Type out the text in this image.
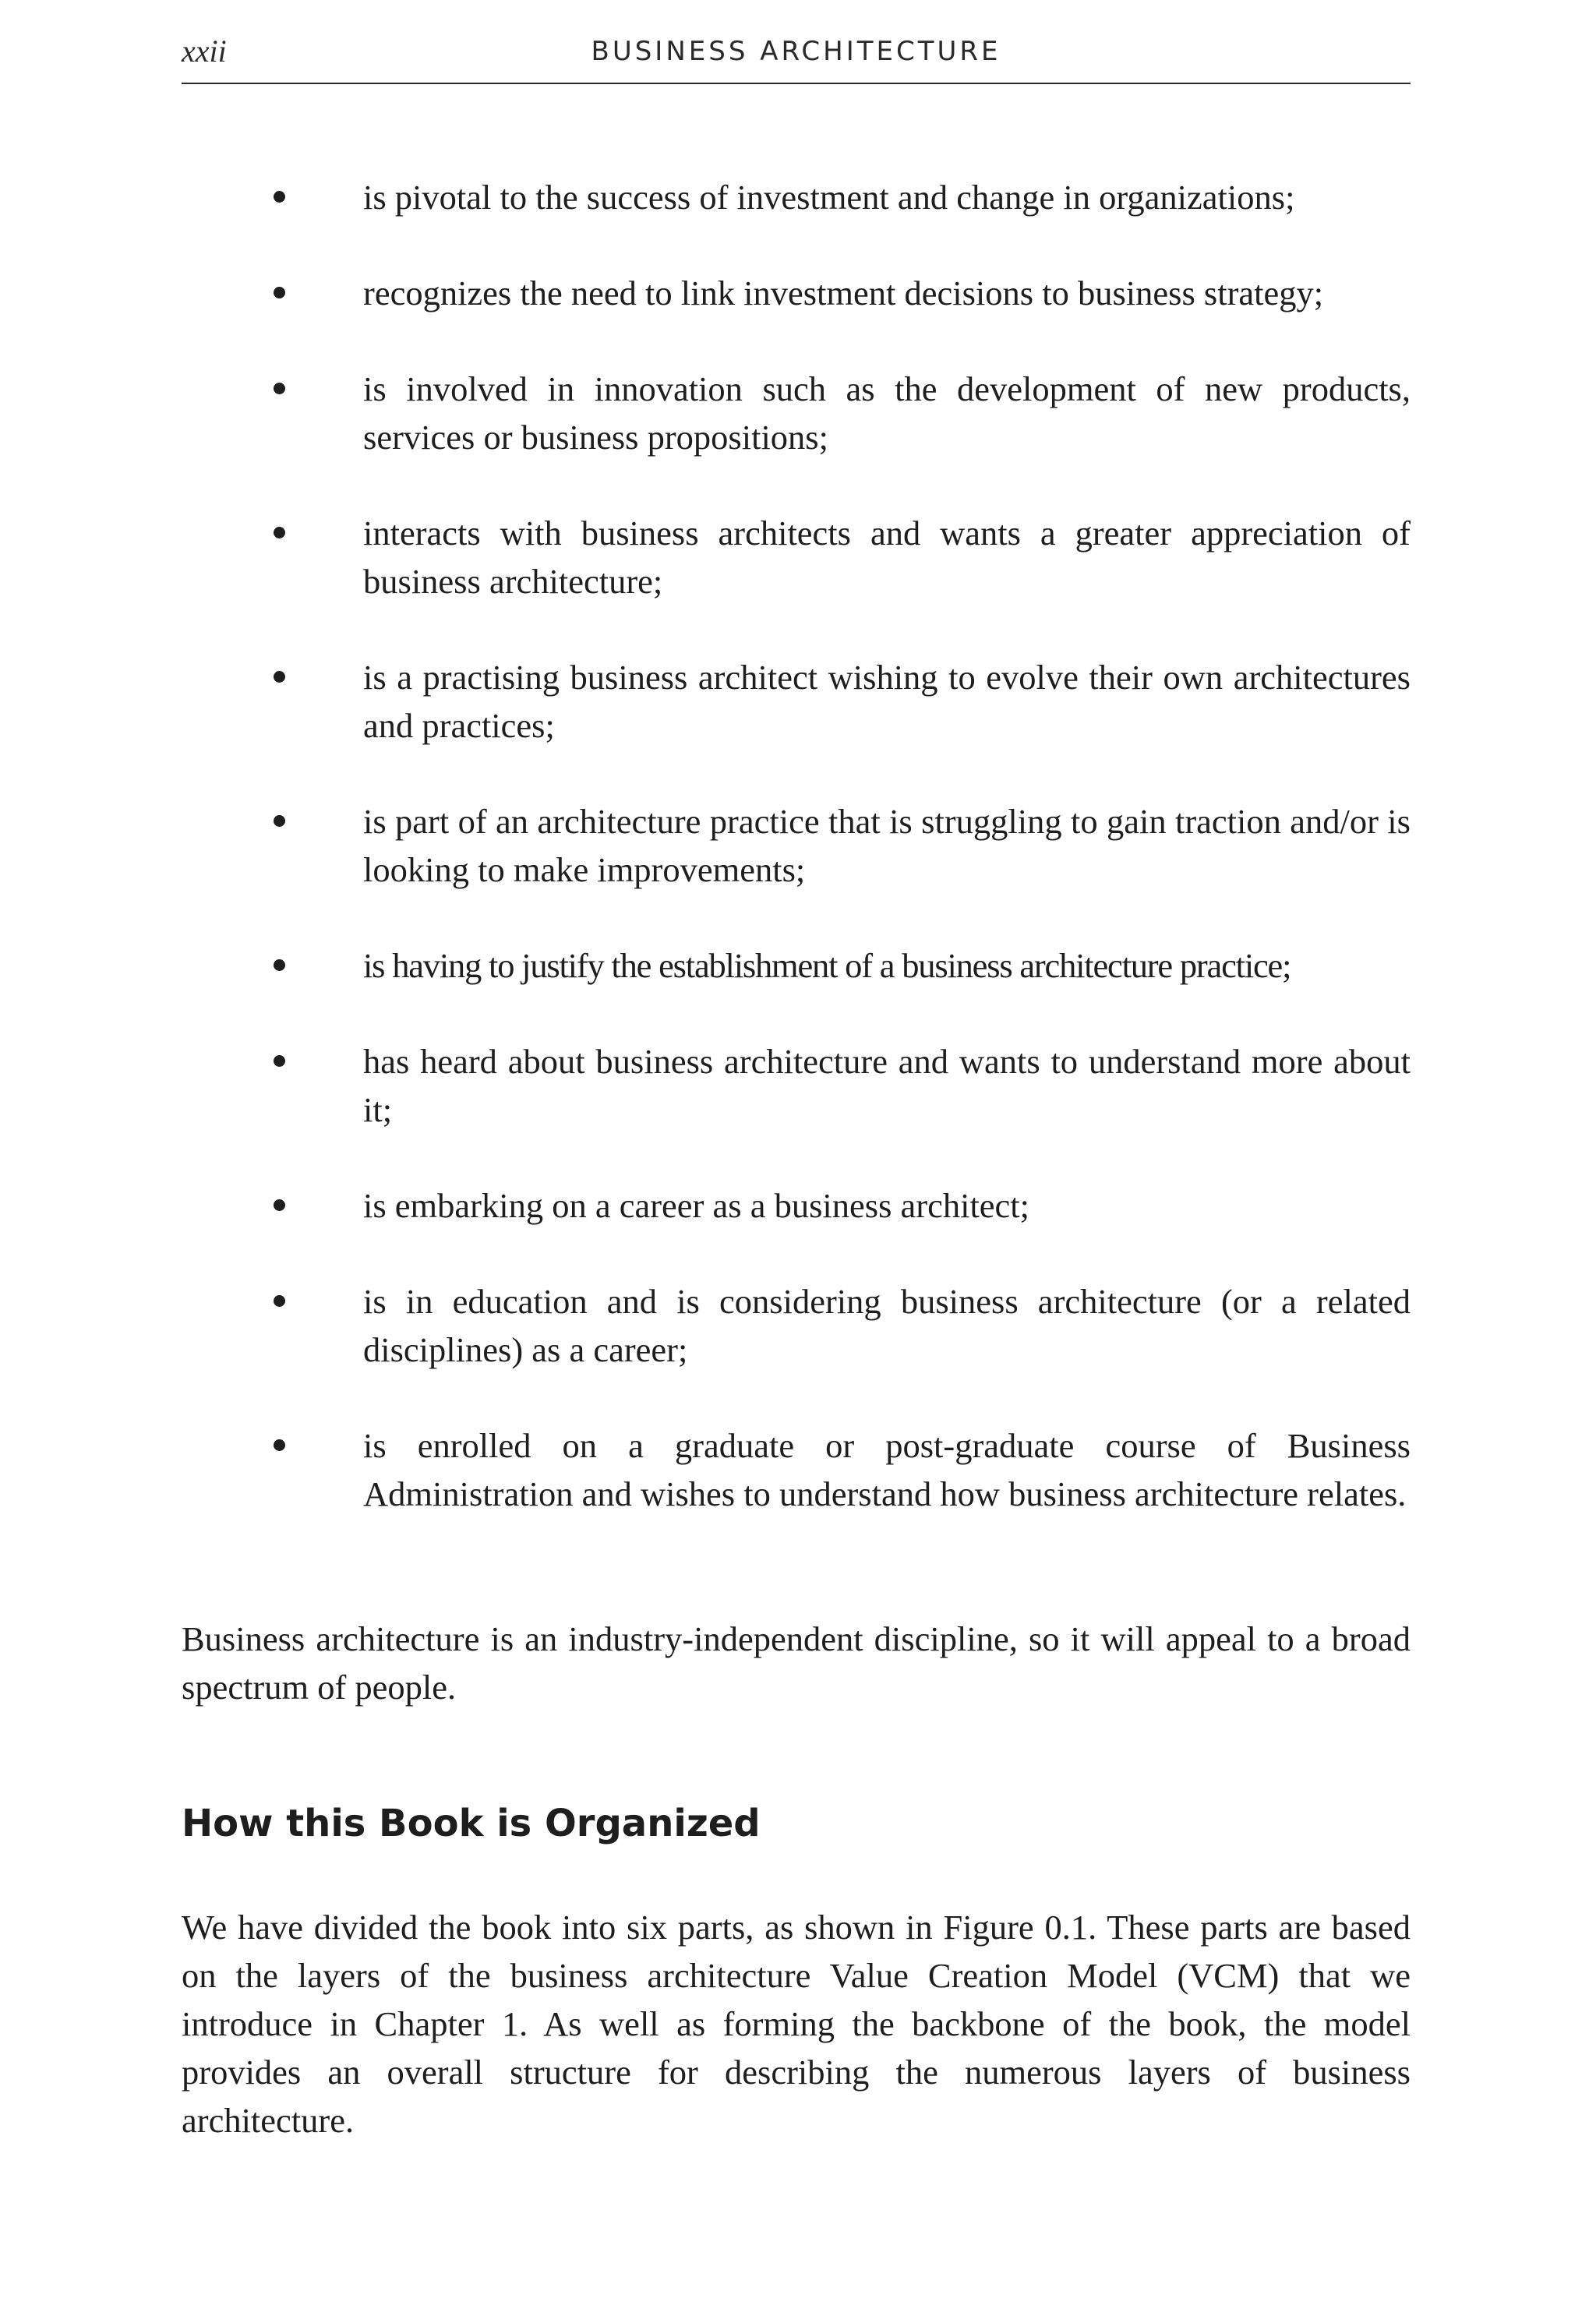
xxii	BUSINESS ARCHITECTURE
is pivotal to the success of investment and change in organizations;
recognizes the need to link investment decisions to business strategy;
is involved in innovation such as the development of new products, services or business propositions;
interacts with business architects and wants a greater appreciation of business architecture;
is a practising business architect wishing to evolve their own architectures and practices;
is part of an architecture practice that is struggling to gain traction and/or is looking to make improvements;
is having to justify the establishment of a business architecture practice;
has heard about business architecture and wants to understand more about it;
is embarking on a career as a business architect;
is in education and is considering business architecture (or a related disciplines) as a career;
is enrolled on a graduate or post-graduate course of Business Administration and wishes to understand how business architecture relates.

Business architecture is an industry-independent discipline, so it will appeal to a broad spectrum of people.

How this Book is Organized

We have divided the book into six parts, as shown in Figure 0.1. These parts are based on the layers of the business architecture Value Creation Model (VCM) that we introduce in Chapter 1. As well as forming the backbone of the book, the model provides an overall structure for describing the numerous layers of business architecture.
